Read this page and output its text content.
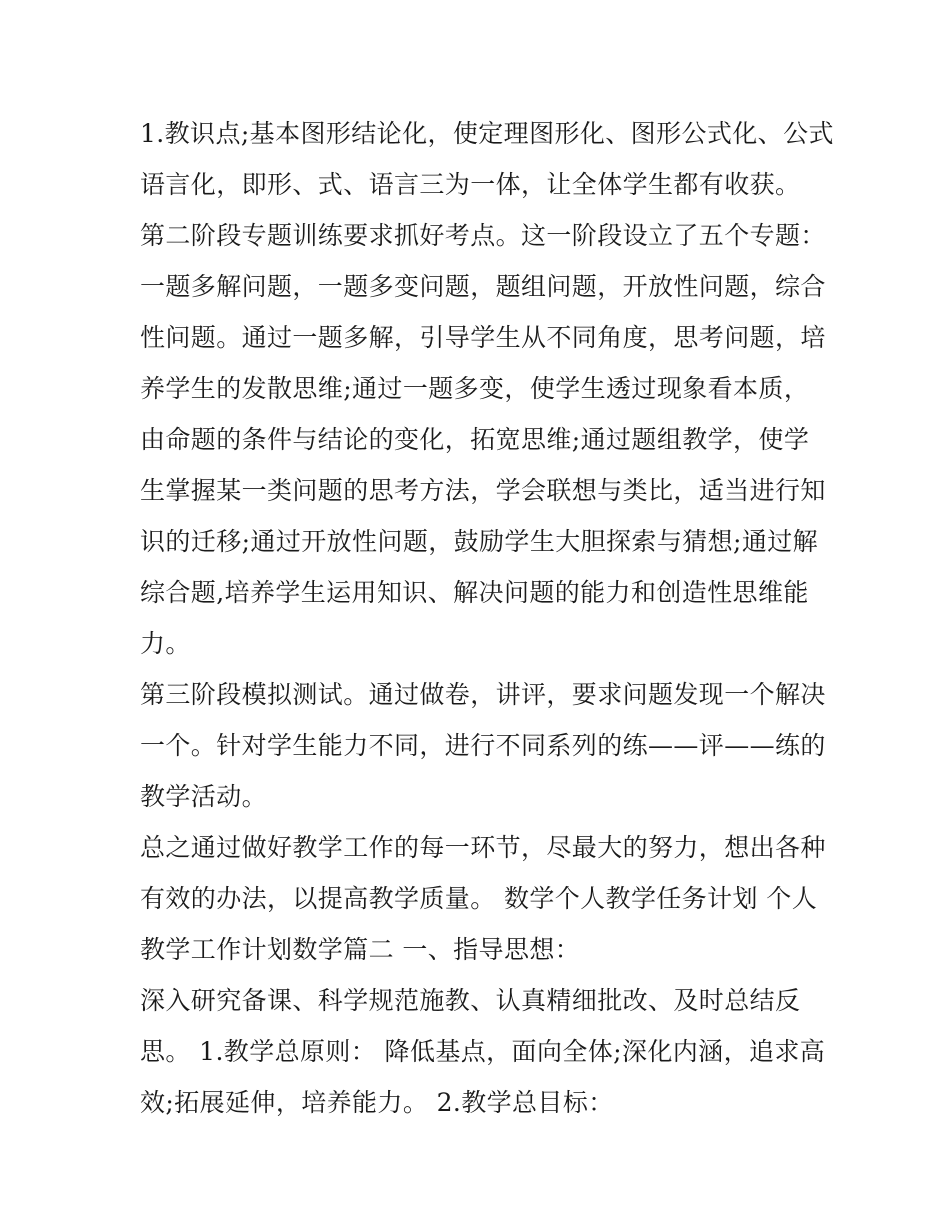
1.教识点;基本图形结论化，使定理图形化、图形公式化、公式
语言化，即形、式、语言三为一体，让全体学生都有收获。
第二阶段专题训练要求抓好考点。这一阶段设立了五个专题：
一题多解问题，一题多变问题，题组问题，开放性问题，综合
性问题。通过一题多解，引导学生从不同角度，思考问题，培
养学生的发散思维;通过一题多变，使学生透过现象看本质，
由命题的条件与结论的变化，拓宽思维;通过题组教学，使学
生掌握某一类问题的思考方法，学会联想与类比，适当进行知
识的迁移;通过开放性问题，鼓励学生大胆探索与猜想;通过解
综合题,培养学生运用知识、解决问题的能力和创造性思维能
力。
第三阶段模拟测试。通过做卷，讲评，要求问题发现一个解决
一个。针对学生能力不同，进行不同系列的练——评——练的
教学活动。
总之通过做好教学工作的每一环节，尽最大的努力，想出各种
有效的办法，以提高教学质量。 数学个人教学任务计划 个人
教学工作计划数学篇二 一、指导思想：
深入研究备课、科学规范施教、认真精细批改、及时总结反
思。 1.教学总原则： 降低基点，面向全体;深化内涵，追求高
效;拓展延伸，培养能力。 2.教学总目标：
